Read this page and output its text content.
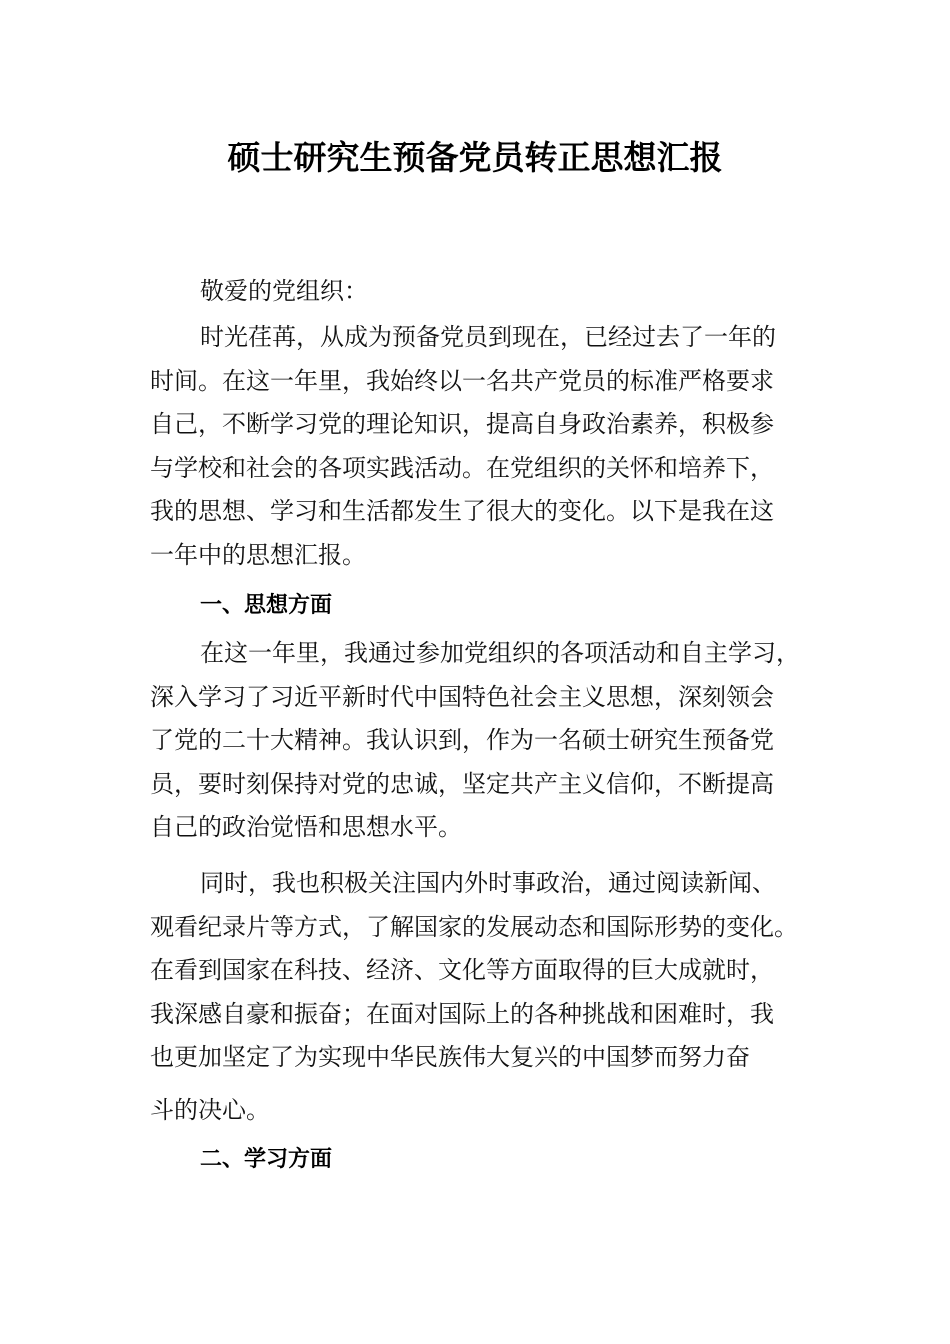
硕士研究生预备党员转正思想汇报
敬爱的党组织：
时光荏苒，从成为预备党员到现在，已经过去了一年的
时间。在这一年里，我始终以一名共产党员的标准严格要求
自己，不断学习党的理论知识，提高自身政治素养，积极参
与学校和社会的各项实践活动。在党组织的关怀和培养下，
我的思想、学习和生活都发生了很大的变化。以下是我在这
一年中的思想汇报。
一、思想方面
在这一年里，我通过参加党组织的各项活动和自主学习，
深入学习了习近平新时代中国特色社会主义思想，深刻领会
了党的二十大精神。我认识到，作为一名硕士研究生预备党
员，要时刻保持对党的忠诚，坚定共产主义信仰，不断提高
自己的政治觉悟和思想水平。
同时，我也积极关注国内外时事政治，通过阅读新闻、
观看纪录片等方式，了解国家的发展动态和国际形势的变化。
在看到国家在科技、经济、文化等方面取得的巨大成就时，
我深感自豪和振奋；在面对国际上的各种挑战和困难时，我
也更加坚定了为实现中华民族伟大复兴的中国梦而努力奋
斗的决心。
二、学习方面
